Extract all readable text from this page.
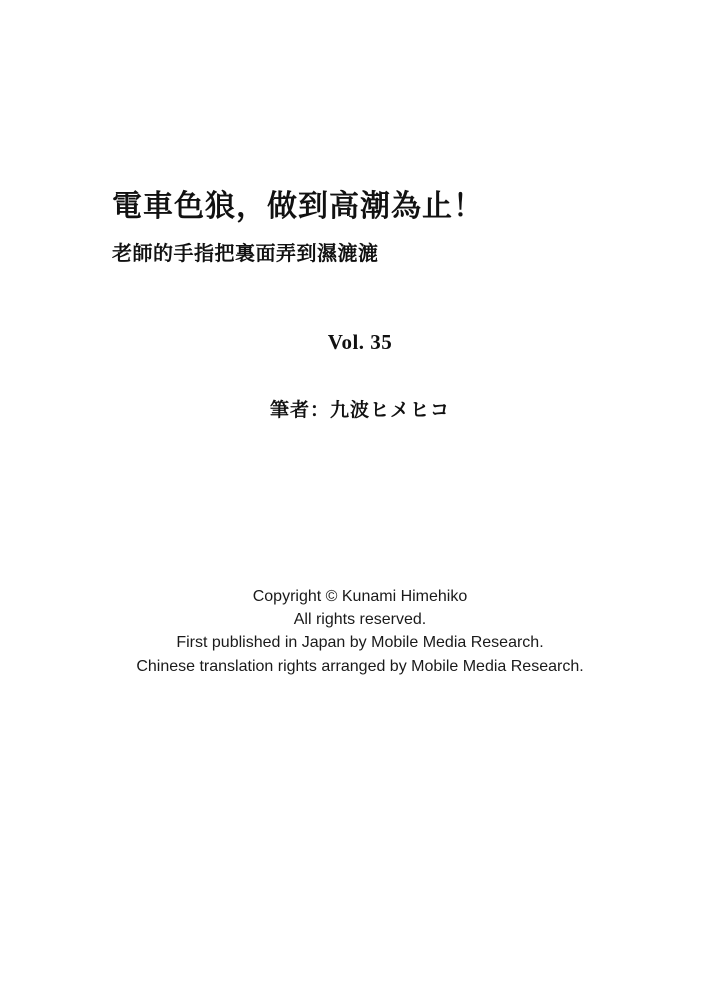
電車色狼，做到高潮為止！
老師的手指把裏面弄到濕漉漉

Vol. 35

筆者：九波ヒメヒコ

Copyright © Kunami Himehiko

All rights reserved.

First published in Japan by Mobile Media Research.

Chinese translation rights arranged by Mobile Media Research.
